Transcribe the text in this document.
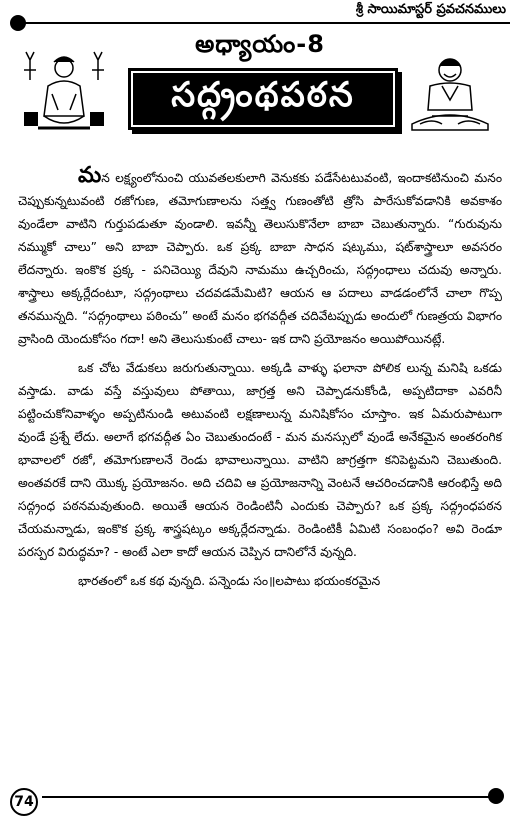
శ్రీ సాయిమాస్టర్ ప్రవచనములు
అధ్యాయం-8
సద్గ్రంథపఠన

మన లక్ష్యంలోనుంచి యువతలకులాగి వెనుకకు పడేసేటటువంటి, ఇందాకటినుంచి మనం చెప్పుకున్నటువంటి రజోగుణ, తమోగుణాలను సత్త్వ గుణంతోటి త్రోసి పారేసుకోవడానికి అవకాశం వుండేలా వాటిని గుర్తుపడుతూ వుండాలి. ఇవన్నీ తెలుసుకొనేలా బాబా చెబుతున్నారు. “గురువును నమ్ముకో చాలు” అని బాబా చెప్పారు. ఒక ప్రక్క బాబా సాధన షట్కము, షట్‌శాస్త్రాలూ అవసరం లేదన్నారు. ఇంకొక ప్రక్క - పనిచెయ్యి దేవుని నామము ఉచ్చరించు, సద్గ్రంధాలు చదువు అన్నారు. శాస్త్రాలు అక్కర్లేదంటూ, సద్గ్రంథాలు చదవడమేమిటి? ఆయన ఆ పదాలు వాడడంలోనే చాలా గొప్ప తనమున్నది. “సద్గ్రంథాలు పఠించు” అంటే మనం భగవద్గీత చదివేటప్పుడు అందులో గుణత్రయ విభాగం వ్రాసింది యెందుకోసం గదా! అని తెలుసుకుంటే చాలు- ఇక దాని ప్రయోజనం అయిపోయినట్లే.

ఒక చోట వేడుకలు జరుగుతున్నాయి. అక్కడి వాళ్ళు ఫలానా పోలిక లున్న మనిషి ఒకడు వస్తాడు. వాడు వస్తే వస్తువులు పోతాయి, జాగ్రత్త అని చెప్పాడనుకోండి, అప్పటిదాకా ఎవరినీ పట్టించుకోనివాళ్ళం అప్పటినుండి అటువంటి లక్షణాలున్న మనిషికోసం చూస్తాం. ఇక ఏమరుపాటుగా వుండే ప్రశ్నే లేదు. అలాగే భగవద్గీత ఏం చెబుతుందంటే - మన మనస్సులో వుండే అనేకమైన అంతరంగిక భావాలలో రజో, తమోగుణాలనే రెండు భావాలున్నాయి. వాటిని జాగ్రత్తగా కనిపెట్టమని చెబుతుంది. అంతవరకే దాని యొక్క ప్రయోజనం. అది చదివి ఆ ప్రయోజనాన్ని వెంటనే ఆచరించడానికి ఆరంభిస్తే అది సద్గ్రంధ పఠనమవుతుంది. అయితే ఆయన రెండింటినీ ఎందుకు చెప్పారు? ఒక ప్రక్క సద్గ్రంధపఠన చేయమన్నాడు, ఇంకొక ప్రక్క శాస్త్రషట్కం అక్కర్లేదన్నాడు. రెండింటికీ ఏమిటి సంబంధం? అవి రెండూ పరస్పర విరుద్ధమా? - అంటే ఎలా కాదో ఆయన చెప్పిన దానిలోనే వున్నది.

భారతంలో ఒక కథ వున్నది. పన్నెండు సం॥లపాటు భయంకరమైన

74
